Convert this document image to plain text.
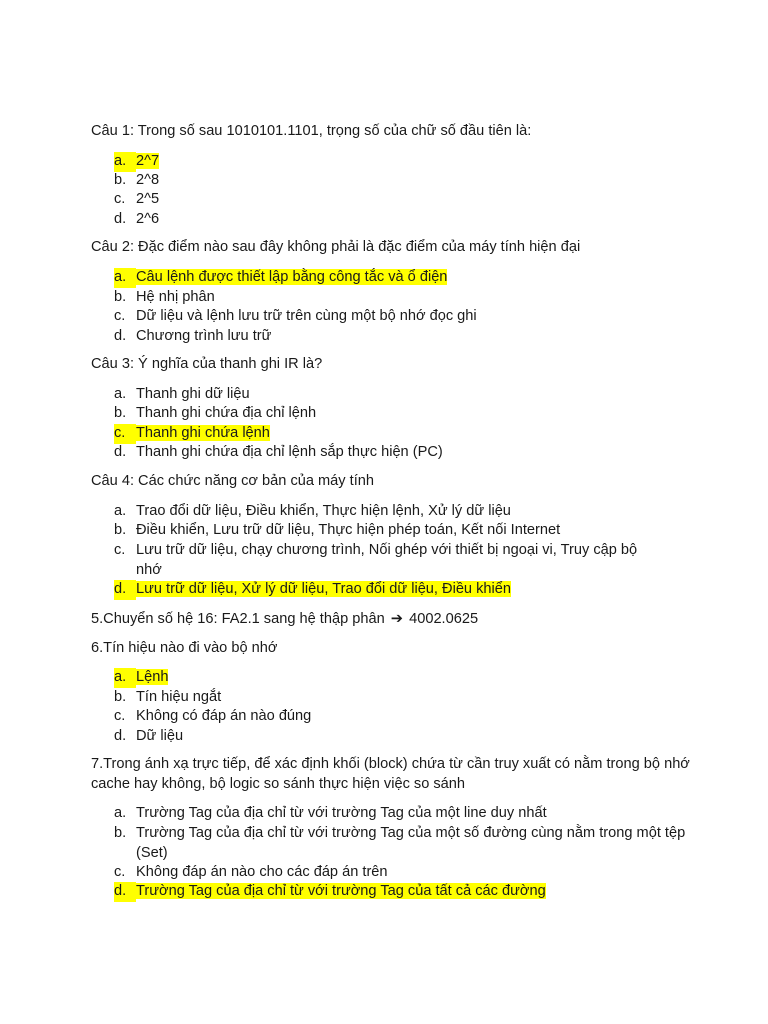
Câu 1: Trong số sau 1010101.1101, trọng số của chữ số đầu tiên là:
a. 2^7
b. 2^8
c. 2^5
d. 2^6
Câu 2: Đặc điểm nào sau đây không phải là đặc điểm của máy tính hiện đại
a. Câu lệnh được thiết lập bằng công tắc và ổ điện
b. Hệ nhị phân
c. Dữ liệu và lệnh lưu trữ trên cùng một bộ nhớ đọc ghi
d. Chương trình lưu trữ
Câu 3: Ý nghĩa của thanh ghi IR là?
a. Thanh ghi dữ liệu
b. Thanh ghi chứa địa chỉ lệnh
c. Thanh ghi chứa lệnh
d. Thanh ghi chứa địa chỉ lệnh sắp thực hiện (PC)
Câu 4: Các chức năng cơ bản của máy tính
a. Trao đổi dữ liệu, Điều khiển, Thực hiện lệnh, Xử lý dữ liệu
b. Điều khiển, Lưu trữ dữ liệu, Thực hiện phép toán, Kết nối Internet
c. Lưu trữ dữ liệu, chạy chương trình, Nối ghép với thiết bị ngoại vi, Truy cập bộ nhớ
d. Lưu trữ dữ liệu, Xử lý dữ liệu, Trao đổi dữ liệu, Điều khiển
5.Chuyển số hệ 16: FA2.1 sang hệ thập phân ➔ 4002.0625
6.Tín hiệu nào đi vào bộ nhớ
a. Lệnh
b. Tín hiệu ngắt
c. Không có đáp án nào đúng
d. Dữ liệu
7.Trong ánh xạ trực tiếp, để xác định khối (block) chứa từ cần truy xuất có nằm trong bộ nhớ cache hay không, bộ logic so sánh thực hiện việc so sánh
a. Trường Tag của địa chỉ từ với trường Tag của một line duy nhất
b. Trường Tag của địa chỉ từ với trường Tag của một số đường cùng nằm trong một tệp (Set)
c. Không đáp án nào cho các đáp án trên
d. Trường Tag của địa chỉ từ với trường Tag của tất cả các đường
